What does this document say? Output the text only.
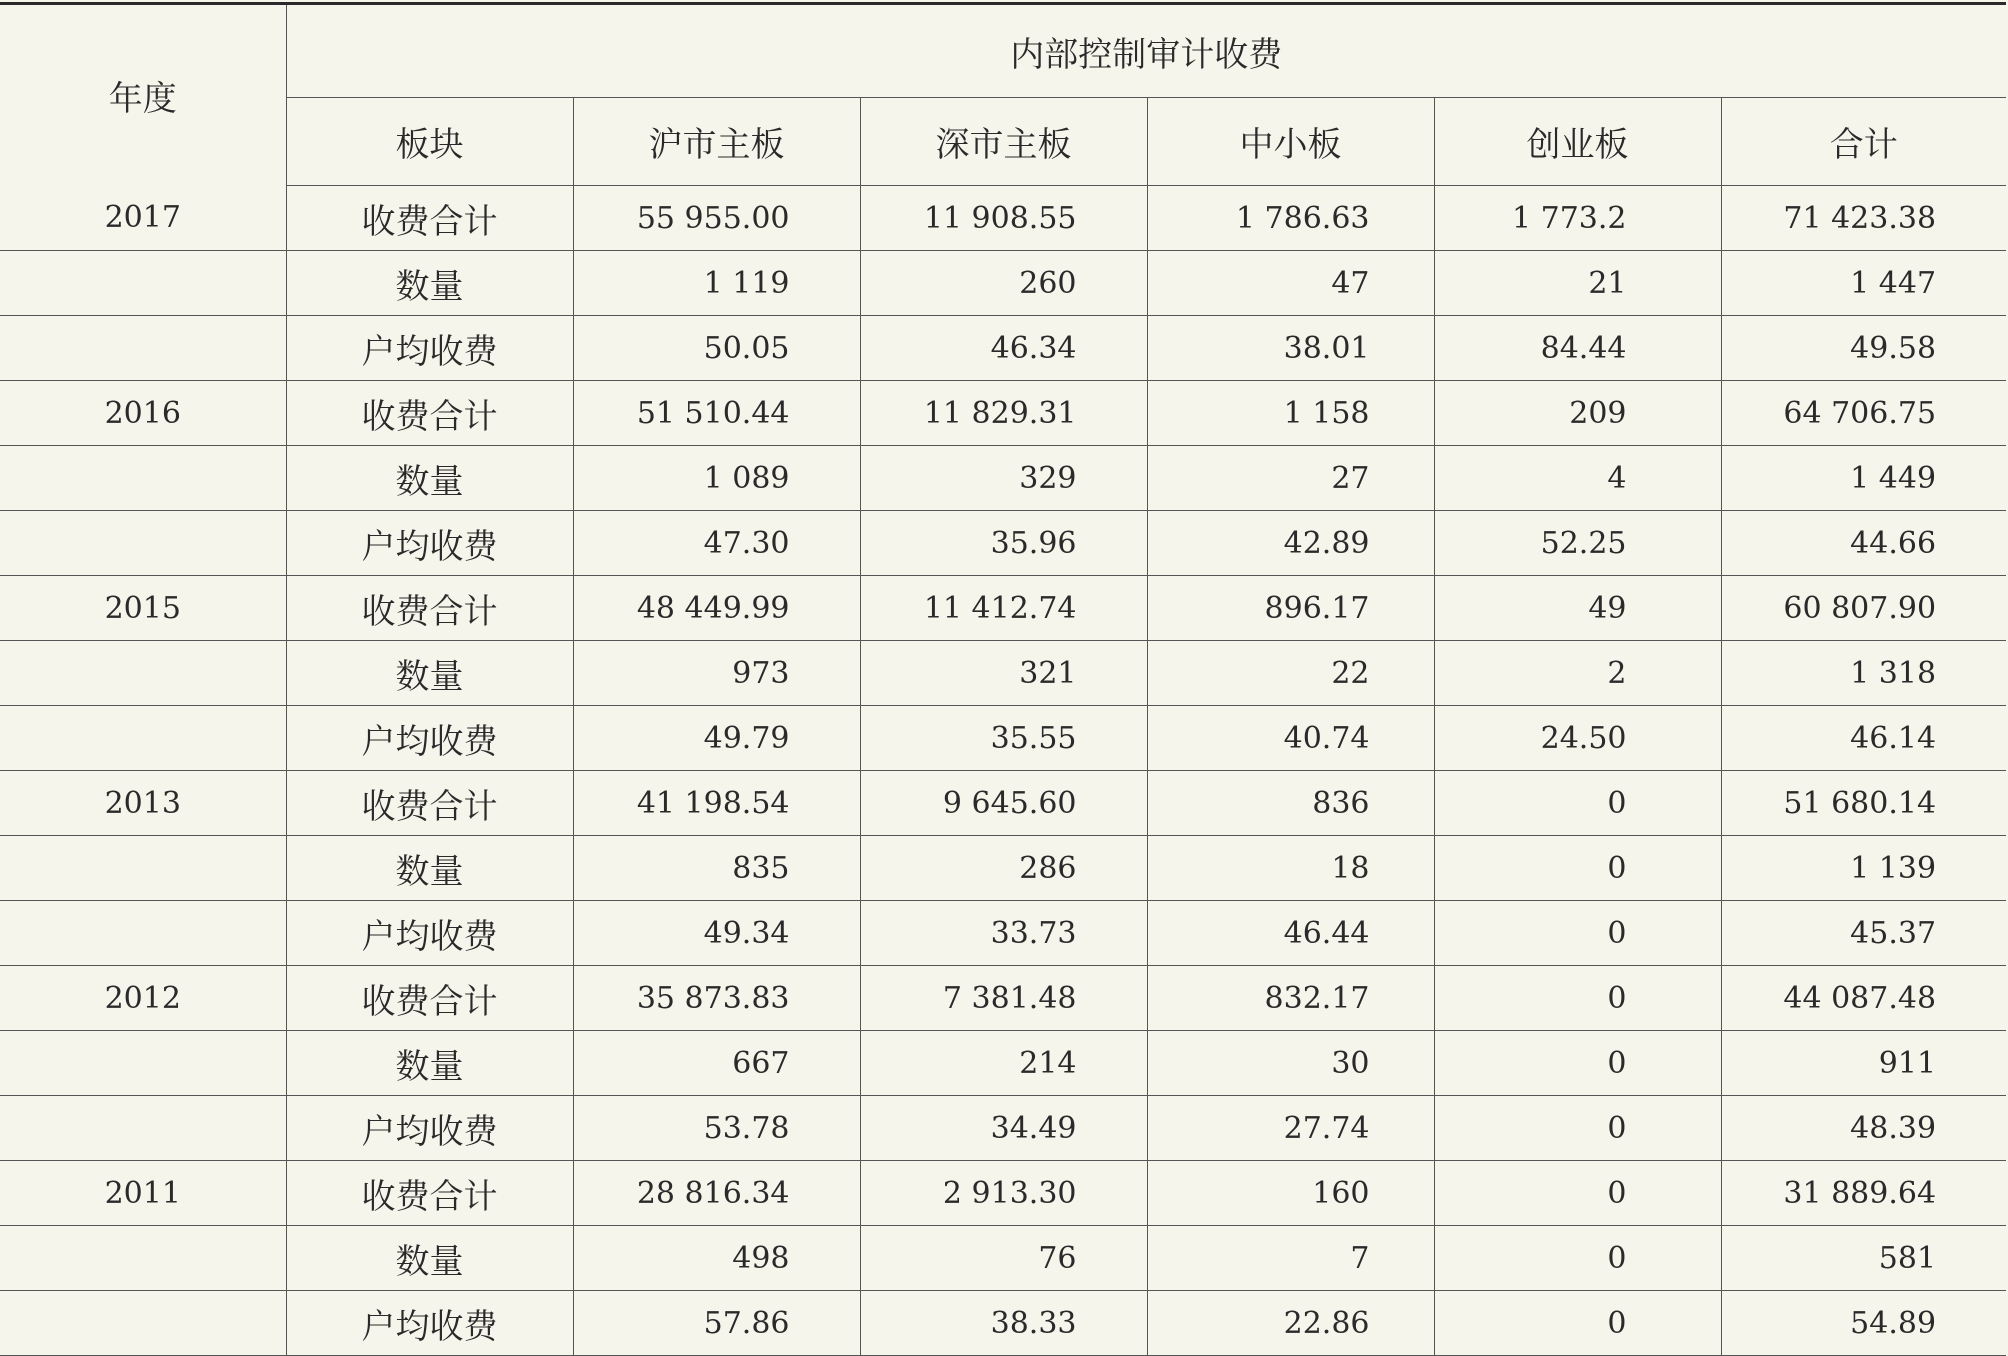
年度	内部控制审计收费					
	板块	沪市主板	深市主板	中小板	创业板	合计
2017	收费合计	55 955.00	11 908.55	1 786.63	1 773.2	71 423.38
	数量	1 119	260	47	21	1 447
	户均收费	50.05	46.34	38.01	84.44	49.58
2016	收费合计	51 510.44	11 829.31	1 158	209	64 706.75
	数量	1 089	329	27	4	1 449
	户均收费	47.30	35.96	42.89	52.25	44.66
2015	收费合计	48 449.99	11 412.74	896.17	49	60 807.90
	数量	973	321	22	2	1 318
	户均收费	49.79	35.55	40.74	24.50	46.14
2013	收费合计	41 198.54	9 645.60	836	0	51 680.14
	数量	835	286	18	0	1 139
	户均收费	49.34	33.73	46.44	0	45.37
2012	收费合计	35 873.83	7 381.48	832.17	0	44 087.48
	数量	667	214	30	0	911
	户均收费	53.78	34.49	27.74	0	48.39
2011	收费合计	28 816.34	2 913.30	160	0	31 889.64
	数量	498	76	7	0	581
	户均收费	57.86	38.33	22.86	0	54.89
